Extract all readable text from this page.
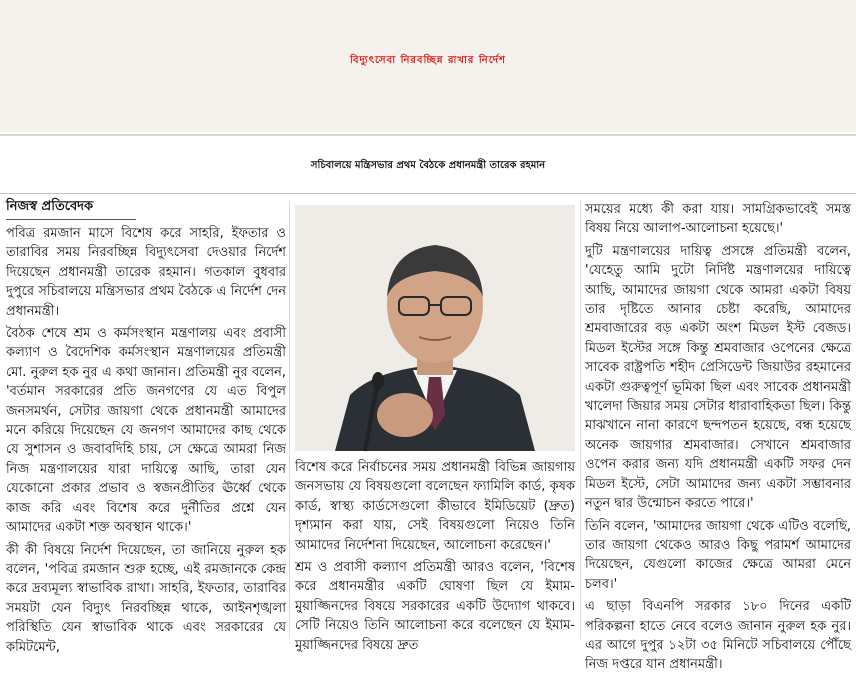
বিদ্যুৎসেবা নিরবচ্ছিন্ন রাখার নির্দেশ
সচিবালয়ে মন্ত্রিসভার প্রথম বৈঠকে প্রধানমন্ত্রী তারেক রহমান
নিজস্ব প্রতিবেদক

পবিত্র রমজান মাসে বিশেষ করে সাহরি, ইফতার ও তারাবির সময় নিরবচ্ছিন্ন বিদ্যুৎসেবা দেওয়ার নির্দেশ দিয়েছেন প্রধানমন্ত্রী তারেক রহমান। গতকাল বুধবার দুপুরে সচিবালয়ে মন্ত্রিসভার প্রথম বৈঠকে এ নির্দেশ দেন প্রধানমন্ত্রী।

বৈঠক শেষে শ্রম ও কর্মসংস্থান মন্ত্রণালয় এবং প্রবাসী কল্যাণ ও বৈদেশিক কর্মসংস্থান মন্ত্রণালয়ের প্রতিমন্ত্রী মো. নুরুল হক নুর এ কথা জানান। প্রতিমন্ত্রী নুর বলেন, 'বর্তমান সরকারের প্রতি জনগণের যে এত বিপুল জনসমর্থন, সেটার জায়গা থেকে প্রধানমন্ত্রী আমাদের মনে করিয়ে দিয়েছেন যে জনগণ আমাদের কাছ থেকে যে সুশাসন ও জবাবদিহি চায়, সে ক্ষেত্রে আমরা নিজ নিজ মন্ত্রণালয়ের যারা দায়িত্বে আছি, তারা যেন যেকোনো প্রকার প্রভাব ও স্বজনপ্রীতির ঊর্ধ্বে থেকে কাজ করি এবং বিশেষ করে দুর্নীতির প্রশ্নে যেন আমাদের একটা শক্ত অবস্থান থাকে।'

কী কী বিষয়ে নির্দেশ দিয়েছেন, তা জানিয়ে নুরুল হক বলেন, 'পবিত্র রমজান শুরু হচ্ছে, এই রমজানকে কেন্দ্র করে দ্রব্যমূল্য স্বাভাবিক রাখা। সাহরি, ইফতার, তারাবির সময়টা যেন বিদ্যুৎ নিরবচ্ছিন্ন থাকে, আইনশৃঙ্খলা পরিস্থিতি যেন স্বাভাবিক থাকে এবং সরকারের যে কমিটমেন্ট,

বিশেষ করে নির্বাচনের সময় প্রধানমন্ত্রী বিভিন্ন জায়গায় জনসভায় যে বিষয়গুলো বলেছেন ফ্যামিলি কার্ড, কৃষক কার্ড, স্বাস্থ্য কার্ডসেগুলো কীভাবে ইমিডিয়েট (দ্রুত) দৃশ্যমান করা যায়, সেই বিষয়গুলো নিয়েও তিনি আমাদের নির্দেশনা দিয়েছেন, আলোচনা করেছেন।'

শ্রম ও প্রবাসী কল্যাণ প্রতিমন্ত্রী আরও বলেন, 'বিশেষ করে প্রধানমন্ত্রীর একটি ঘোষণা ছিল যে ইমাম-মুয়াজ্জিনদের বিষয়ে সরকারের একটি উদ্যোগ থাকবে। সেটি নিয়েও তিনি আলোচনা করে বলেছেন যে ইমাম-মুয়াজ্জিনদের বিষয়ে দ্রুত

সময়ের মধ্যে কী করা যায়। সামগ্রিকভাবেই সমস্ত বিষয় নিয়ে আলাপ-আলোচনা হয়েছে।'

দুটি মন্ত্রণালয়ের দায়িত্ব প্রসঙ্গে প্রতিমন্ত্রী বলেন, 'যেহেতু আমি দুটো নির্দিষ্ট মন্ত্রণালয়ের দায়িত্বে আছি, আমাদের জায়গা থেকে আমরা একটা বিষয় তার দৃষ্টিতে আনার চেষ্টা করেছি, আমাদের শ্রমবাজারের বড় একটা অংশ মিডল ইস্ট বেজড। মিডল ইস্টের সঙ্গে কিন্তু শ্রমবাজার ওপেনের ক্ষেত্রে সাবেক রাষ্ট্রপতি শহীদ প্রেসিডেন্ট জিয়াউর রহমানের একটা গুরুত্বপূর্ণ ভূমিকা ছিল এবং সাবেক প্রধানমন্ত্রী খালেদা জিয়ার সময় সেটার ধারাবাহিকতা ছিল। কিন্তু মাঝখানে নানা কারণে ছন্দপতন হয়েছে, বন্ধ হয়েছে অনেক জায়গার শ্রমবাজার। সেখানে শ্রমবাজার ওপেন করার জন্য যদি প্রধানমন্ত্রী একটি সফর দেন মিডল ইস্টে, সেটা আমাদের জন্য একটা সম্ভাবনার নতুন দ্বার উন্মোচন করতে পারে।'

তিনি বলেন, 'আমাদের জায়গা থেকে এটিও বলেছি, তার জায়গা থেকেও আরও কিছু পরামর্শ আমাদের দিয়েছেন, যেগুলো কাজের ক্ষেত্রে আমরা মেনে চলব।'

এ ছাড়া বিএনপি সরকার ১৮০ দিনের একটি পরিকল্পনা হাতে নেবে বলেও জানান নুরুল হক নুর। এর আগে দুপুর ১২টা ৩৫ মিনিটে সচিবালয়ে পৌঁছে নিজ দপ্তরে যান প্রধানমন্ত্রী।
